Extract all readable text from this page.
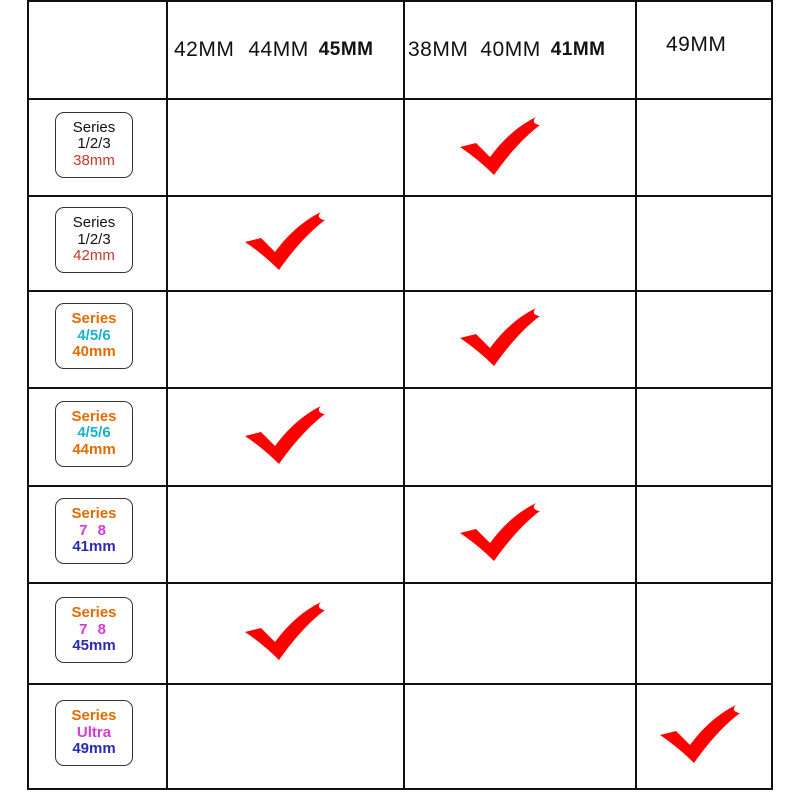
42MM 44MM 45MM 38MM 40MM 41MM	49MM
Series
1/2/3
38mm
Series
1/2/3
42mm
Series
4/5/6
40mm
Series
4/5/6
44mm
Series
7 8
41mm
Series
7 8
45mm
Series
Ultra
49mm
